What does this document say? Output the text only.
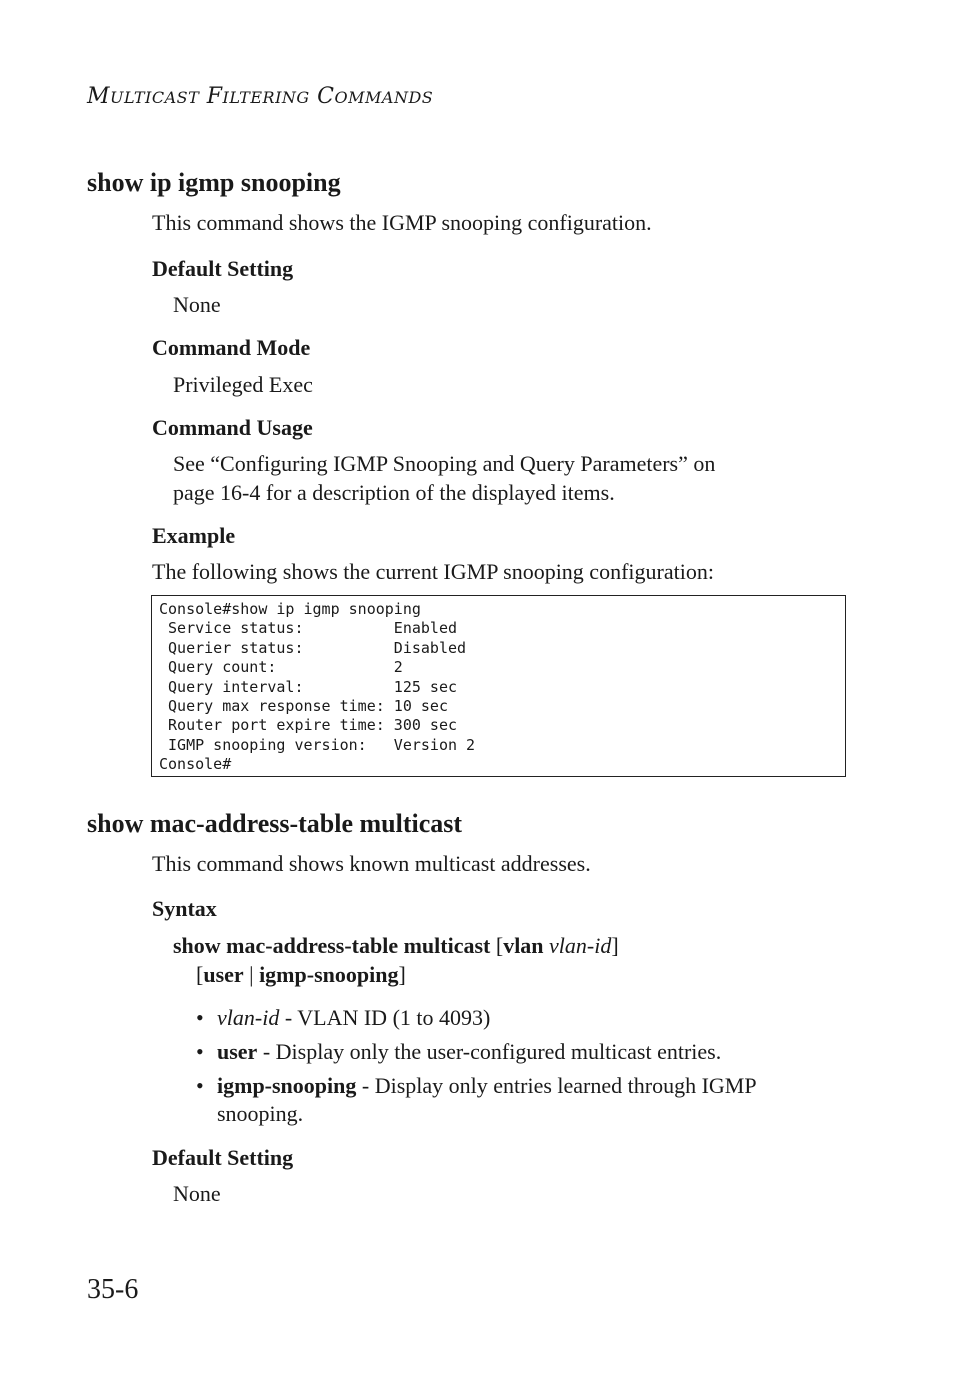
MULTICAST FILTERING COMMANDS
show ip igmp snooping
This command shows the IGMP snooping configuration.
Default Setting
None
Command Mode
Privileged Exec
Command Usage
See “Configuring IGMP Snooping and Query Parameters” on
page 16-4 for a description of the displayed items.
Example
The following shows the current IGMP snooping configuration:
Console#show ip igmp snooping
Service status:          Enabled
Querier status:          Disabled
Query count:             2
Query interval:          125 sec
Query max response time: 10 sec
Router port expire time: 300 sec
IGMP snooping version:   Version 2
Console#
show mac-address-table multicast
This command shows known multicast addresses.
Syntax
show mac-address-table multicast [vlan vlan-id]
[user | igmp-snooping]
• vlan-id - VLAN ID (1 to 4093)
• user - Display only the user-configured multicast entries.
• igmp-snooping - Display only entries learned through IGMP
snooping.
Default Setting
None
35-6
